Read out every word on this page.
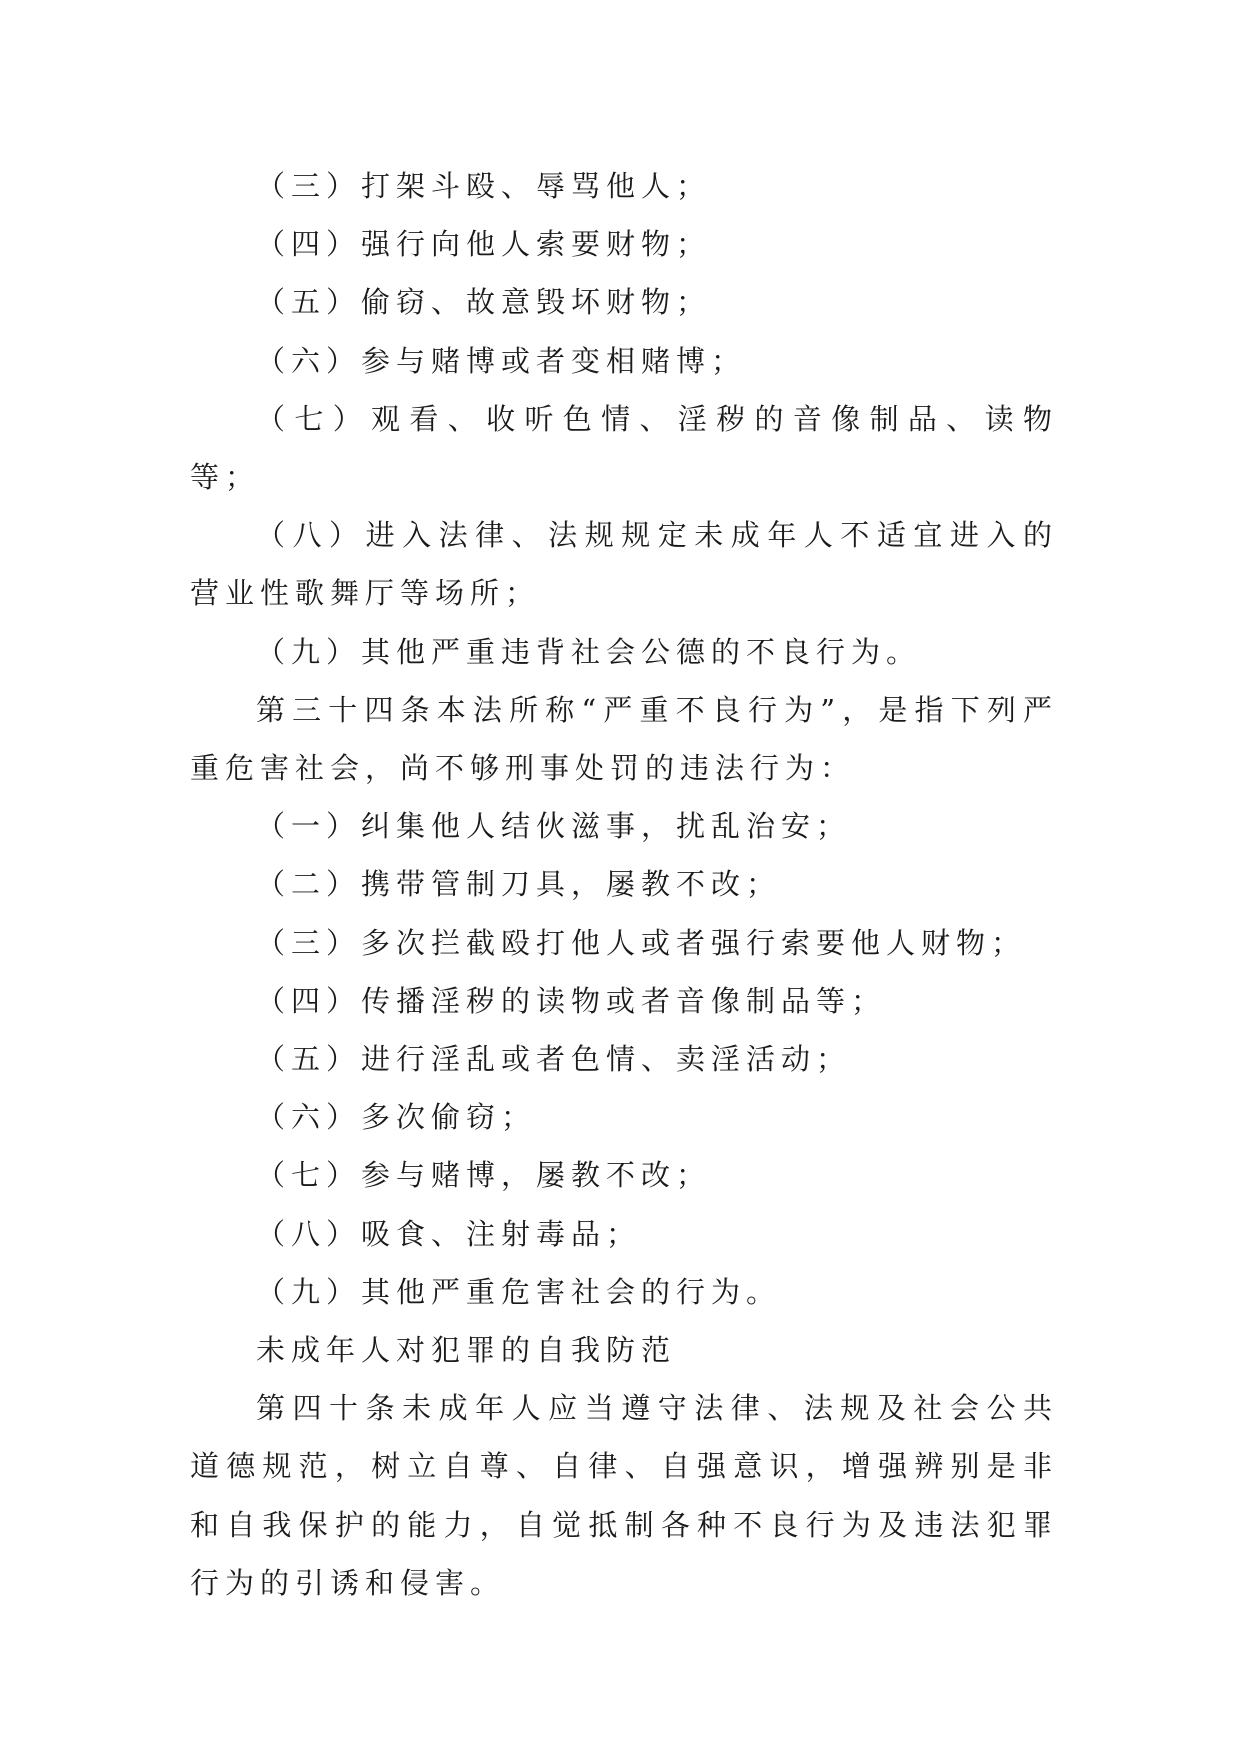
（三）打架斗殴、辱骂他人；

（四）强行向他人索要财物；

（五）偷窃、故意毁坏财物；

（六）参与赌博或者变相赌博；

（七）观看、收听色情、淫秽的音像制品、读物等；

（八）进入法律、法规规定未成年人不适宜进入的营业性歌舞厅等场所；

（九）其他严重违背社会公德的不良行为。

第三十四条本法所称“严重不良行为”，是指下列严重危害社会，尚不够刑事处罚的违法行为：

（一）纠集他人结伙滋事，扰乱治安；

（二）携带管制刀具，屡教不改；

（三）多次拦截殴打他人或者强行索要他人财物；

（四）传播淫秽的读物或者音像制品等；

（五）进行淫乱或者色情、卖淫活动；

（六）多次偷窃；

（七）参与赌博，屡教不改；

（八）吸食、注射毒品；

（九）其他严重危害社会的行为。

未成年人对犯罪的自我防范

第四十条未成年人应当遵守法律、法规及社会公共道德规范，树立自尊、自律、自强意识，增强辨别是非和自我保护的能力，自觉抵制各种不良行为及违法犯罪行为的引诱和侵害。
